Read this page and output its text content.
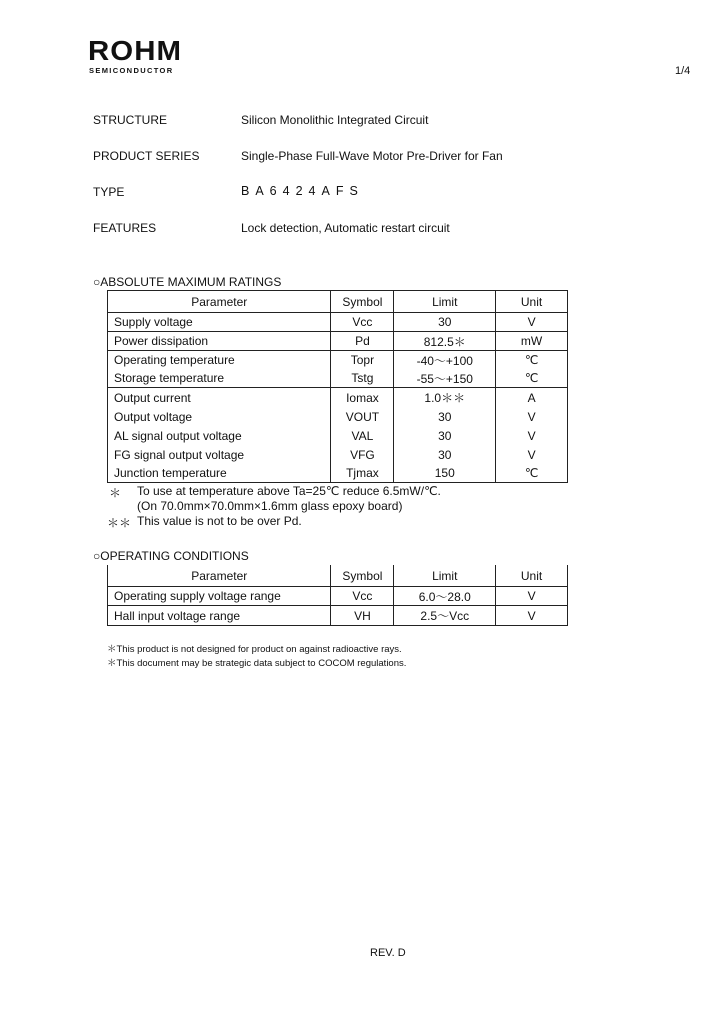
ROHM
SEMICONDUCTOR	1/4
STRUCTURE	Silicon Monolithic Integrated Circuit
PRODUCT SERIES	Single-Phase Full-Wave Motor Pre-Driver for Fan
TYPE	BA6424AFS
FEATURES	Lock detection, Automatic restart circuit
○ABSOLUTE MAXIMUM RATINGS
Parameter	Symbol	Limit	Unit
Supply voltage	Vcc	30	V
Power dissipation	Pd	812.5＊	mW
Operating temperature	Topr	-40～+100	℃
Storage temperature	Tstg	-55～+150	℃
Output current	Iomax	1.0＊＊	A
Output voltage	VOUT	30	V
AL signal output voltage	VAL	30	V
FG signal output voltage	VFG	30	V
Junction temperature	Tjmax	150	℃
＊ To use at temperature above Ta=25℃ reduce 6.5mW/℃.
(On 70.0mm×70.0mm×1.6mm glass epoxy board)
＊＊ This value is not to be over Pd.
○OPERATING CONDITIONS
Parameter	Symbol	Limit	Unit
Operating supply voltage range	Vcc	6.0～28.0	V
Hall input voltage range	VH	2.5～Vcc	V
＊This product is not designed for product on against radioactive rays.
＊This document may be strategic data subject to COCOM regulations.
REV. D
